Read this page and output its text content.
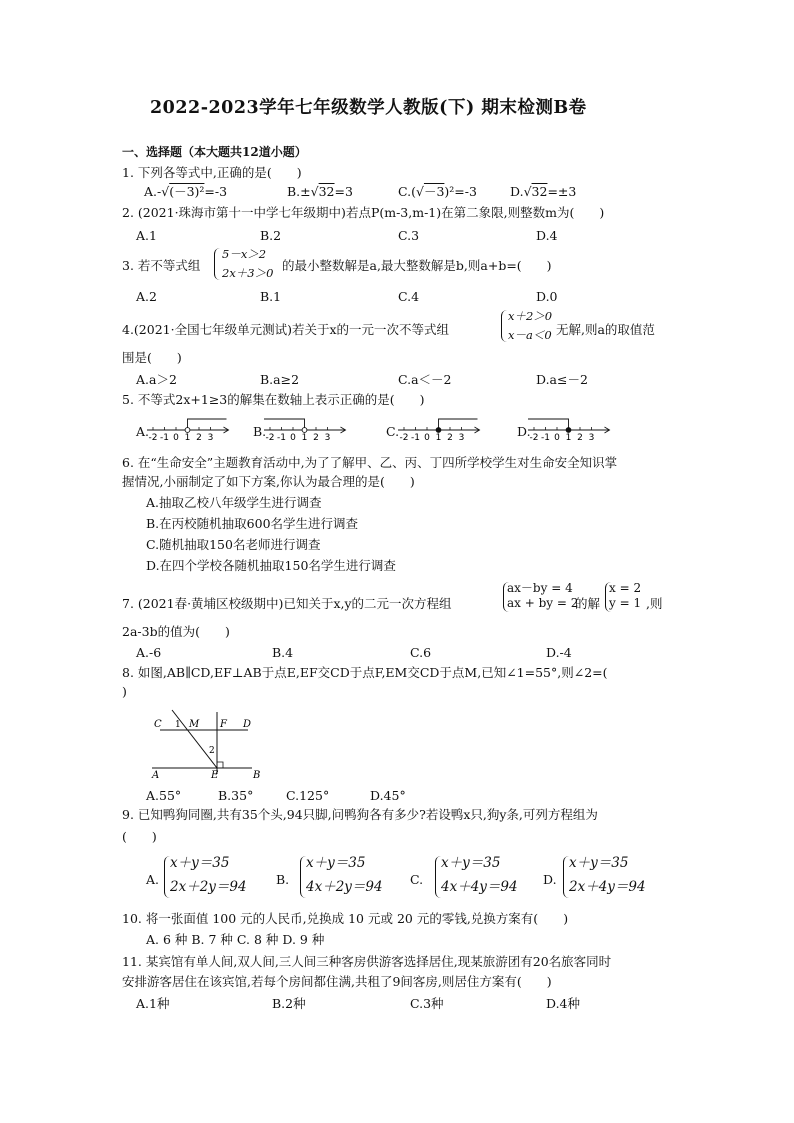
2022-2023学年七年级数学人教版(下) 期末检测B卷
一、选择题（本大题共12道小题）
1. 下列各等式中,正确的是(　　)
A.-√(－3)²=-3	B.±√32=3	C.(√－3)²=-3	D.√32=±3
2. (2021·珠海市第十一中学七年级期中)若点P(m-3,m-1)在第二象限,则整数m为(　　)
A.1	B.2	C.3	D.4
3. 若不等式组
5－x＞2
2x＋3＞0 的最小整数解是a,最大整数解是b,则a+b=(　　)
A.2	B.1	C.4	D.0
4.(2021·全国七年级单元测试)若关于x的一元一次不等式组
x＋2＞0
x－a＜0 无解,则a的取值范
围是(　　)
A.a＞2	B.a≥2	C.a＜－2	D.a≤－2
5. 不等式2x+1≥3的解集在数轴上表示正确的是(　　)
A.	B.	C.	D.
-2 -1 0 1 2 3	-2 -1 0 1 2 3	-2 -1 0 1 2 3	-2 -1 0 1 2 3
6. 在“生命安全”主题教育活动中,为了了解甲、乙、丙、丁四所学校学生对生命安全知识掌
握情况,小丽制定了如下方案,你认为最合理的是(　　)
A.抽取乙校八年级学生进行调查
B.在丙校随机抽取600名学生进行调查
C.随机抽取150名老师进行调查
D.在四个学校各随机抽取150名学生进行调查
7. (2021春·黄埔区校级期中)已知关于x,y的二元一次方程组
ax－by = 4
ax + by = 2
的解
x = 2
y = 1 ,则
2a-3b的值为(　　)
A.-6	B.4	C.6	D.-4
8. 如图,AB∥CD,EF⊥AB于点E,EF交CD于点F,EM交CD于点M,已知∠1=55°,则∠2=(
)
C 1 M F D
2
A	E	B
A.55°	B.35°	C.125°	D.45°
9. 已知鸭狗同圈,共有35个头,94只脚,问鸭狗各有多少?若设鸭x只,狗y条,可列方程组为
(　　)
A.
x＋y＝35
2x＋2y＝94 B.
x＋y＝35
4x＋2y＝94 C.
x＋y＝35
4x＋4y＝94 D.
x＋y＝35
2x＋4y＝94
10. 将一张面值 100 元的人民币,兑换成 10 元或 20 元的零钱,兑换方案有(　　)
A. 6 种 B. 7 种 C. 8 种 D. 9 种
11. 某宾馆有单人间,双人间,三人间三种客房供游客选择居住,现某旅游团有20名旅客同时
安排游客居住在该宾馆,若每个房间都住满,共租了9间客房,则居住方案有(　　)
A.1种	B.2种	C.3种	D.4种
